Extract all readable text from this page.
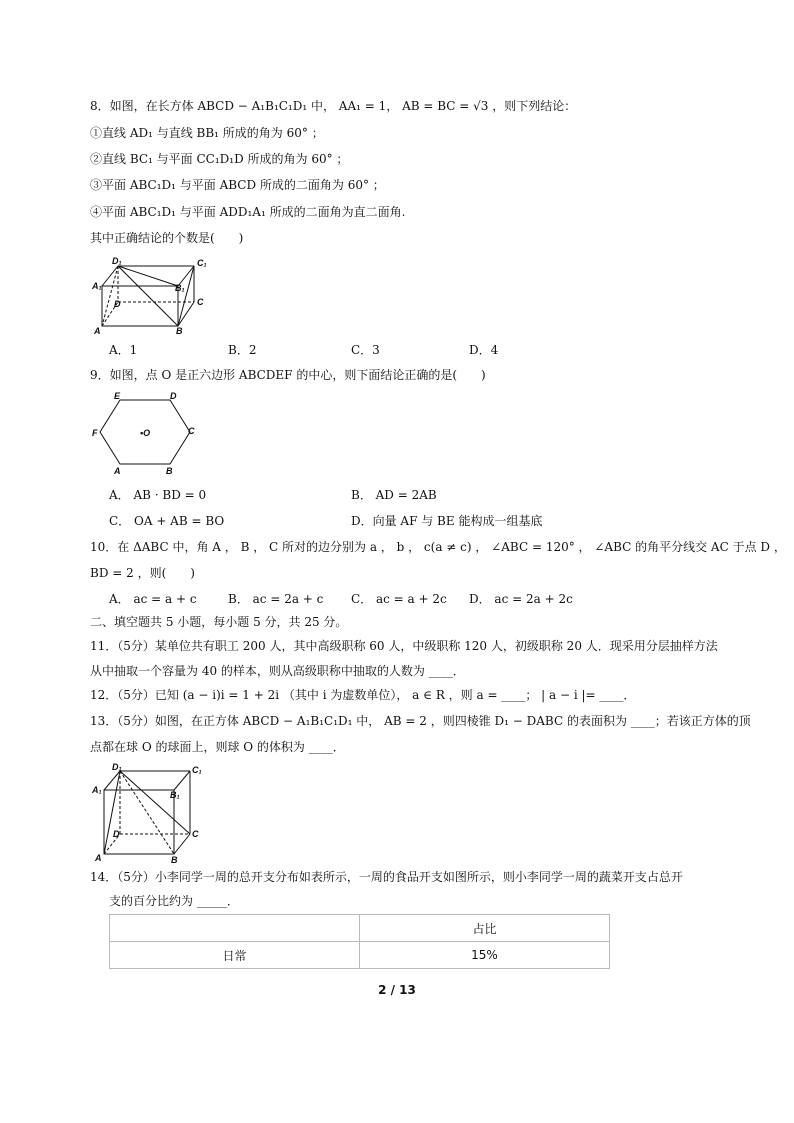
8．如图，在长方体 ABCD − A₁B₁C₁D₁ 中， AA₁ = 1， AB = BC = √3 ，则下列结论：
①直线 AD₁ 与直线 BB₁ 所成的角为 60° ；
②直线 BC₁ 与平面 CC₁D₁D 所成的角为 60° ；
③平面 ABC₁D₁ 与平面 ABCD 所成的二面角为 60° ；
④平面 ABC₁D₁ 与平面 ADD₁A₁ 所成的二面角为直二面角.
其中正确结论的个数是(　　)
D₁	C₁
A₁	B₁
D	C
A	B
A．1	B．2	C．3	D．4
9．如图，点 O 是正六边形 ABCDEF 的中心，则下面结论正确的是(　　)
E	D
F	•O	C
A	B
A． AB · BD = 0	B． AD = 2AB
C． OA + AB = BO	D．向量 AF 与 BE 能构成一组基底
10．在 ΔABC 中，角 A ， B ， C 所对的边分别为 a ， b ， c(a ≠ c) ， ∠ABC = 120° ， ∠ABC 的角平分线交 AC 于点 D ，
BD = 2 ，则(　　)
A． ac = a + c	B． ac = 2a + c C． ac = a + 2c D． ac = 2a + 2c
二、填空题共 5 小题，每小题 5 分，共 25 分。
11．（5分）某单位共有职工 200 人，其中高级职称 60 人，中级职称 120 人，初级职称 20 人．现采用分层抽样方法
从中抽取一个容量为 40 的样本，则从高级职称中抽取的人数为 ____．
12．（5分）已知 (a − i)i = 1 + 2i （其中 i 为虚数单位）， a ∈ R ，则 a = ____； | a − i |= ____．
13．（5分）如图，在正方体 ABCD − A₁B₁C₁D₁ 中， AB = 2 ，则四棱锥 D₁ − DABC 的表面积为 ____；若该正方体的顶
点都在球 O 的球面上，则球 O 的体积为 ____．
D₁	C₁
A₁	B₁
D	C
A	B
14．（5分）小李同学一周的总开支分布如表所示，一周的食品开支如图所示，则小李同学一周的蔬菜开支占总开
支的百分比约为 _____．
	占比
日常	15%
2 / 13
